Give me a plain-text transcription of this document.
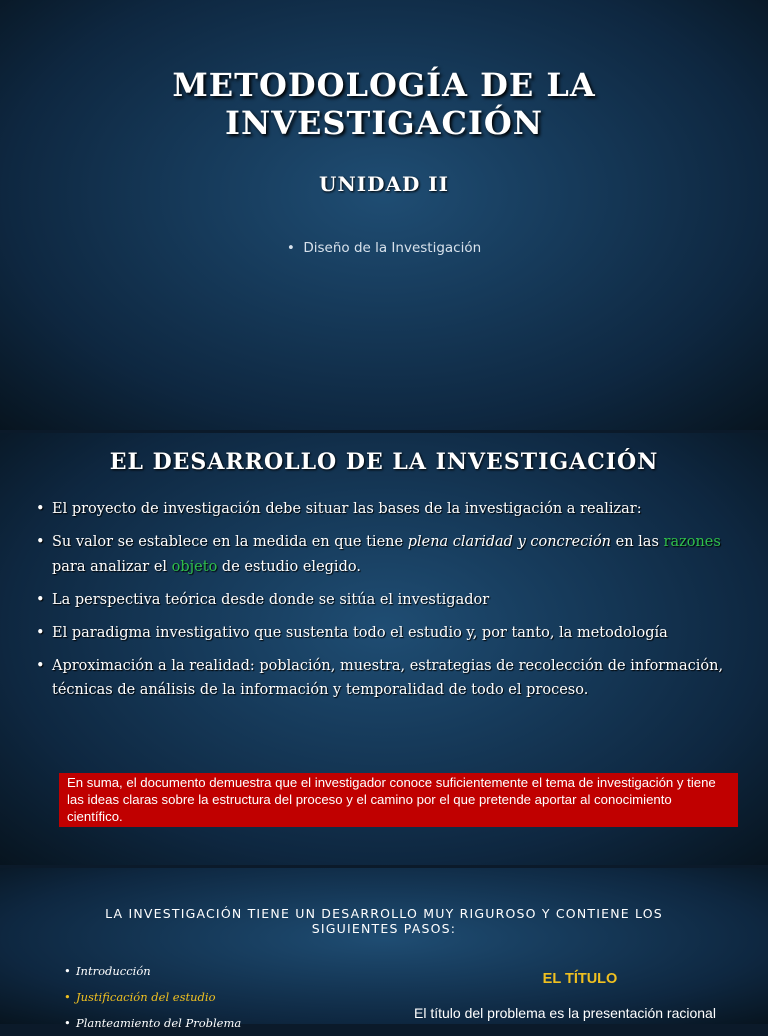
METODOLOGÍA DE LA
INVESTIGACIÓN
UNIDAD II
•  Diseño de la Investigación
EL DESARROLLO DE LA INVESTIGACIÓN
• El proyecto de investigación debe situar las bases de la investigación a realizar:
• Su valor se establece en la medida en que tiene plena claridad y concreción en las razones para analizar el objeto de estudio elegido.
• La perspectiva teórica desde donde se sitúa el investigador
• El paradigma investigativo que sustenta todo el estudio y, por tanto, la metodología
• Aproximación a la realidad: población, muestra, estrategias de recolección de información, técnicas de análisis de la información y temporalidad de todo el proceso.
En suma, el documento demuestra que el investigador conoce suficientemente el tema de investigación y tiene las ideas claras sobre la estructura del proceso y el camino por el que pretende aportar al conocimiento científico.
LA INVESTIGACIÓN TIENE UN DESARROLLO MUY RIGUROSO Y CONTIENE LOS
SIGUIENTES PASOS:
• Introducción
• Justificación del estudio
• Planteamiento del Problema
EL TÍTULO
El título del problema es la presentación racional
